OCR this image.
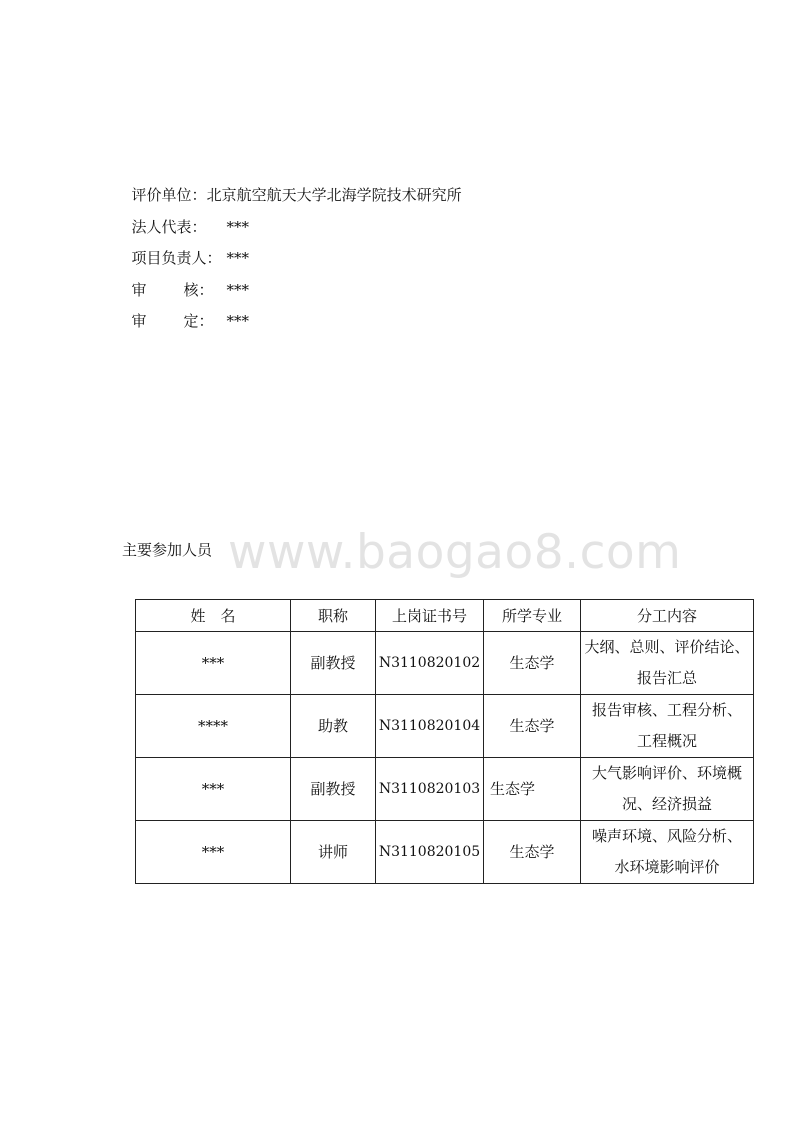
评价单位：北京航空航天大学北海学院技术研究所

法人代表： ***

项目负责人： ***

审 核： ***

审 定： ***

www.baogao8.com
主要参加人员
姓　名	职称	上岗证书号	所学专业	分工内容
***	副教授	N3110820102	生态学	大纲、总则、评价结论、
报告汇总

****	助教	N3110820104	生态学	报告审核、工程分析、
工程概况

***	副教授	N3110820103	生态学	大气影响评价、环境概
况、经济损益

***	讲师	N3110820105	生态学	噪声环境、风险分析、
水环境影响评价
